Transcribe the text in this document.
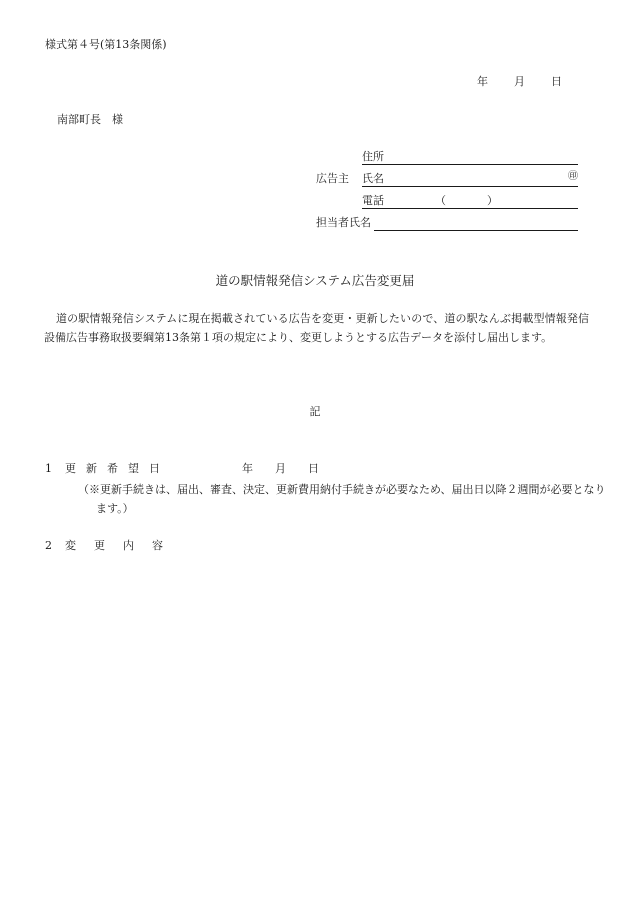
様式第４号(第13条関係)
年 月 日
南部町長　様
住所
広告主 氏名	㊞
電話	（	）
担当者氏名
道の駅情報発信システム広告変更届
道の駅情報発信システムに現在掲載されている広告を変更・更新したいので、道の駅なんぶ掲載型情報発信設備広告事務取扱要綱第13条第１項の規定により、変更しようとする広告データを添付し届出します。
記
1 更新希望日	年　　月　　日
（※更新手続きは、届出、審査、決定、更新費用納付手続きが必要なため、届出日以降２週間が必要となります。）
2 変更内容
